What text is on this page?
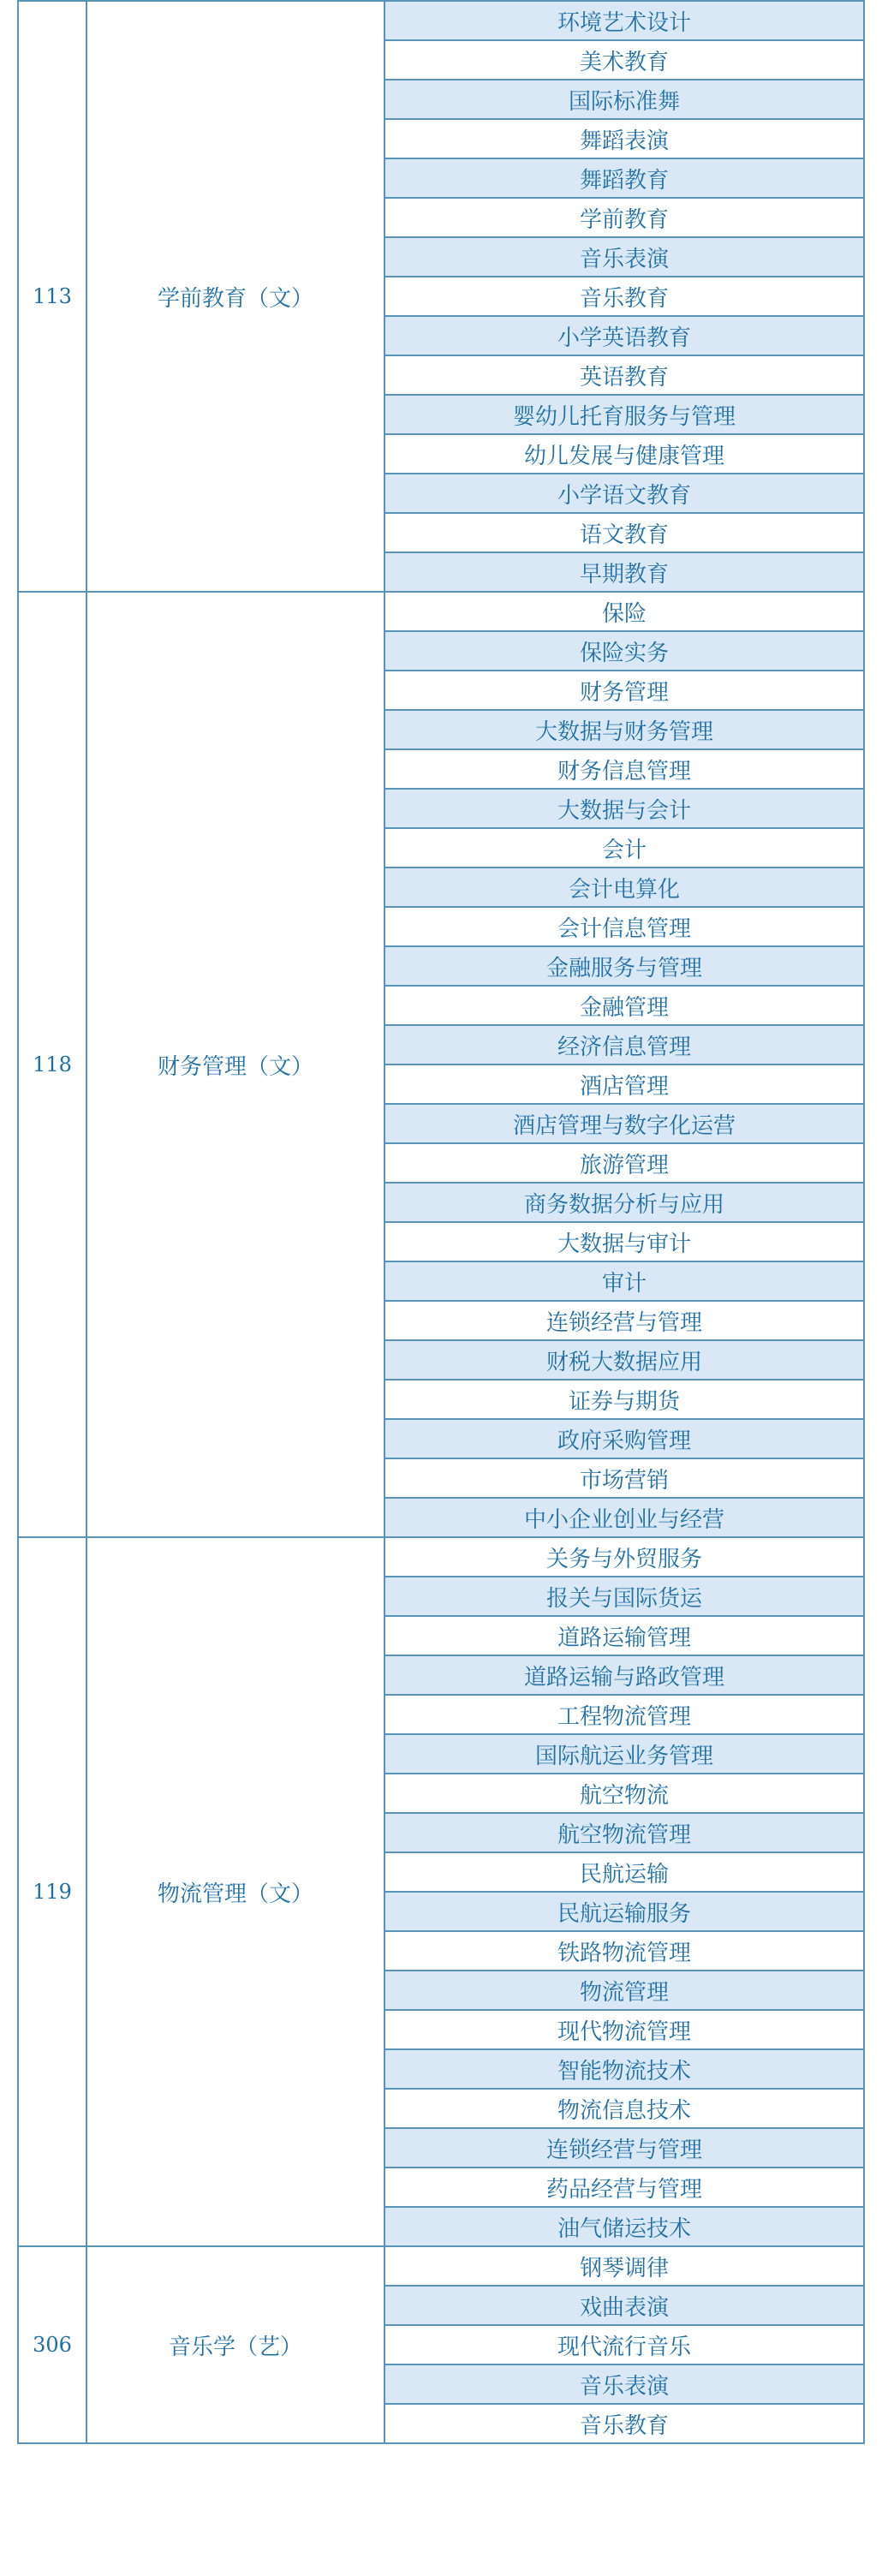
113	学前教育（文）	环境艺术设计
		美术教育
		国际标准舞
		舞蹈表演
		舞蹈教育
		学前教育
		音乐表演
		音乐教育
		小学英语教育
		英语教育
		婴幼儿托育服务与管理
		幼儿发展与健康管理
		小学语文教育
		语文教育
		早期教育
118	财务管理（文）	保险
		保险实务
		财务管理
		大数据与财务管理
		财务信息管理
		大数据与会计
		会计
		会计电算化
		会计信息管理
		金融服务与管理
		金融管理
		经济信息管理
		酒店管理
		酒店管理与数字化运营
		旅游管理
		商务数据分析与应用
		大数据与审计
		审计
		连锁经营与管理
		财税大数据应用
		证券与期货
		政府采购管理
		市场营销
		中小企业创业与经营
119	物流管理（文）	关务与外贸服务
		报关与国际货运
		道路运输管理
		道路运输与路政管理
		工程物流管理
		国际航运业务管理
		航空物流
		航空物流管理
		民航运输
		民航运输服务
		铁路物流管理
		物流管理
		现代物流管理
		智能物流技术
		物流信息技术
		连锁经营与管理
		药品经营与管理
		油气储运技术
306	音乐学（艺）	钢琴调律
		戏曲表演
		现代流行音乐
		音乐表演
		音乐教育
